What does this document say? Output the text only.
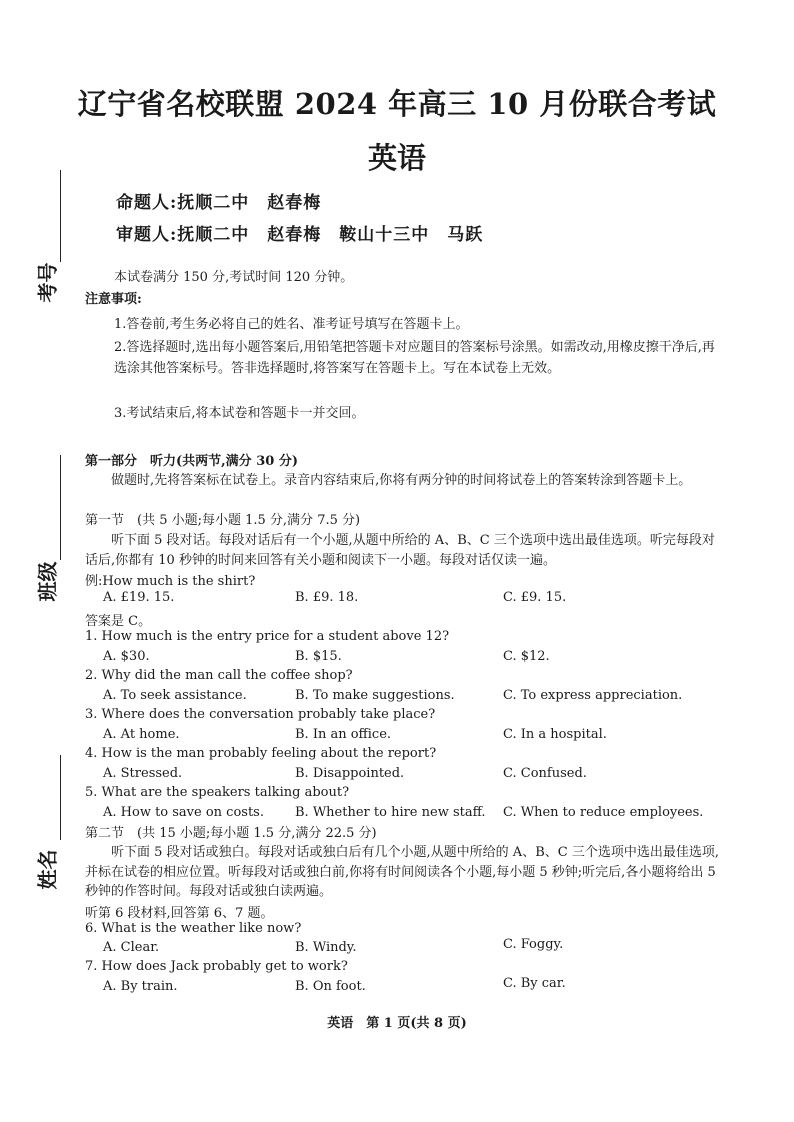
辽宁省名校联盟 2024 年高三 10 月份联合考试
英语
命题人:抚顺二中　赵春梅
审题人:抚顺二中　赵春梅　鞍山十三中　马跃
考号
班级
姓名
本试卷满分 150 分,考试时间 120 分钟。
注意事项:
1.答卷前,考生务必将自己的姓名、准考证号填写在答题卡上。
2.答选择题时,选出每小题答案后,用铅笔把答题卡对应题目的答案标号涂黑。如需改动,用橡皮擦干净后,再选涂其他答案标号。答非选择题时,将答案写在答题卡上。写在本试卷上无效。
3.考试结束后,将本试卷和答题卡一并交回。
第一部分　听力(共两节,满分 30 分)
做题时,先将答案标在试卷上。录音内容结束后,你将有两分钟的时间将试卷上的答案转涂到答题卡上。
第一节　(共 5 小题;每小题 1.5 分,满分 7.5 分)
听下面 5 段对话。每段对话后有一个小题,从题中所给的 A、B、C 三个选项中选出最佳选项。听完每段对话后,你都有 10 秒钟的时间来回答有关小题和阅读下一小题。每段对话仅读一遍。
例:How much is the shirt?
A. £19. 15.	B. £9. 18.	C. £9. 15.
答案是 C。
1. How much is the entry price for a student above 12?
A. $30.	B. $15.	C. $12.
2. Why did the man call the coffee shop?
A. To seek assistance.	B. To make suggestions.	C. To express appreciation.
3. Where does the conversation probably take place?
A. At home.	B. In an office.	C. In a hospital.
4. How is the man probably feeling about the report?
A. Stressed.	B. Disappointed.	C. Confused.
5. What are the speakers talking about?
A. How to save on costs. B. Whether to hire new staff. C. When to reduce employees.
第二节　(共 15 小题;每小题 1.5 分,满分 22.5 分)
听下面 5 段对话或独白。每段对话或独白后有几个小题,从题中所给的 A、B、C 三个选项中选出最佳选项,并标在试卷的相应位置。听每段对话或独白前,你将有时间阅读各个小题,每小题 5 秒钟;听完后,各小题将给出 5 秒钟的作答时间。每段对话或独白读两遍。
听第 6 段材料,回答第 6、7 题。
6. What is the weather like now?
A. Clear.	B. Windy.	C. Foggy.
7. How does Jack probably get to work?
A. By train.	B. On foot.	C. By car.
英语　第 1 页(共 8 页)
